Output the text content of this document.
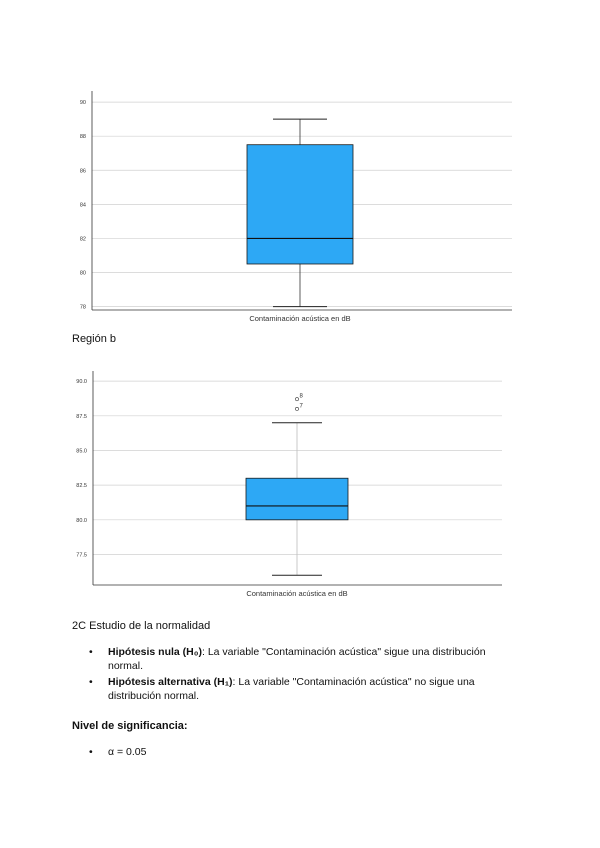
78
80
82
84
86
88
90
Contaminación acústica en dB
Región b
77.5
80.0
82.5
85.0
87.5
90.0
8
7
Contaminación acústica en dB
2C Estudio de la normalidad
• Hipótesis nula (H₀): La variable "Contaminación acústica" sigue una distribución normal.
• Hipótesis alternativa (H₁): La variable "Contaminación acústica" no sigue una distribución normal.
Nivel de significancia:
• α = 0.05
